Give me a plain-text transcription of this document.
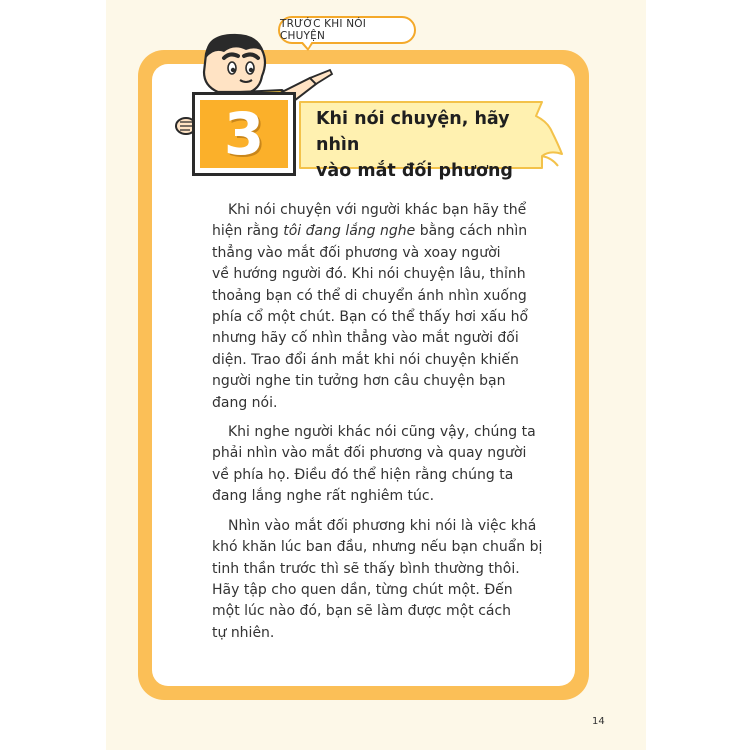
TRƯỚC KHI NÓI CHUYỆN
3	Khi nói chuyện, hãy nhìn
vào mắt đối phương

Khi nói chuyện với người khác bạn hãy thể
hiện rằng tôi đang lắng nghe bằng cách nhìn
thẳng vào mắt đối phương và xoay người
về hướng người đó. Khi nói chuyện lâu, thỉnh
thoảng bạn có thể di chuyển ánh nhìn xuống
phía cổ một chút. Bạn có thể thấy hơi xấu hổ
nhưng hãy cố nhìn thẳng vào mắt người đối
diện. Trao đổi ánh mắt khi nói chuyện khiến
người nghe tin tưởng hơn câu chuyện bạn
đang nói.

Khi nghe người khác nói cũng vậy, chúng ta
phải nhìn vào mắt đối phương và quay người
về phía họ. Điều đó thể hiện rằng chúng ta
đang lắng nghe rất nghiêm túc.

Nhìn vào mắt đối phương khi nói là việc khá
khó khăn lúc ban đầu, nhưng nếu bạn chuẩn bị
tinh thần trước thì sẽ thấy bình thường thôi.
Hãy tập cho quen dần, từng chút một. Đến
một lúc nào đó, bạn sẽ làm được một cách
tự nhiên.

14
